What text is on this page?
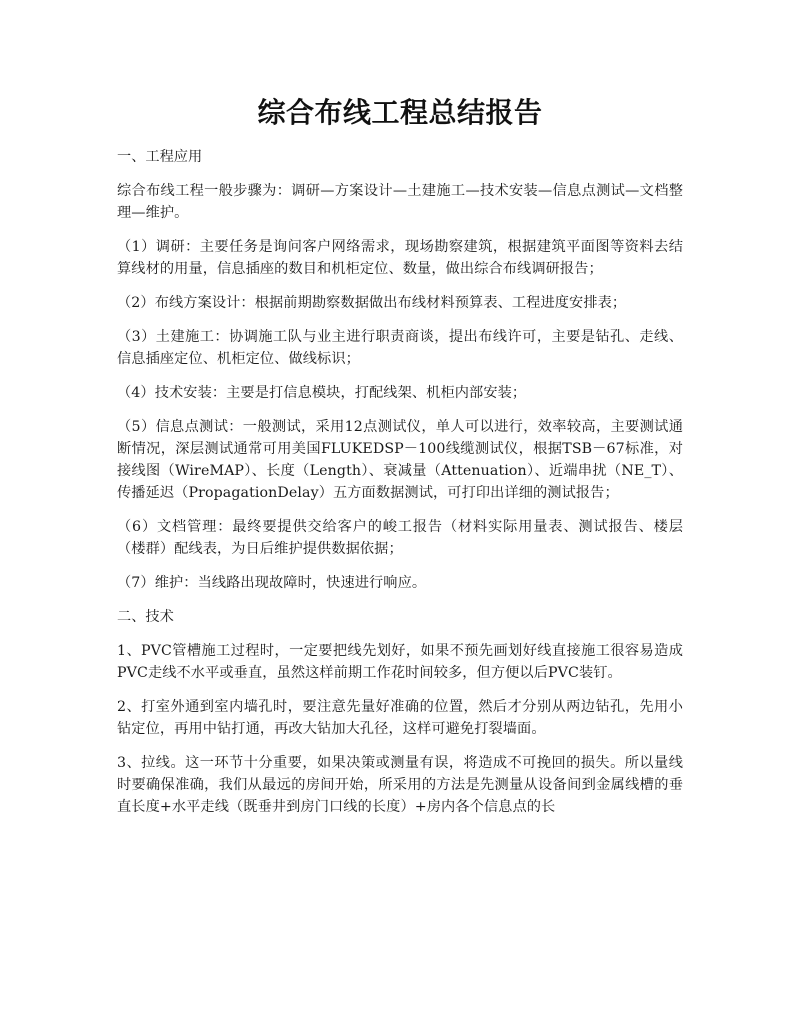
综合布线工程总结报告

一、工程应用

综合布线工程一般步骤为：调研—方案设计—土建施工—技术安装—信息点测试—文档整理—维护。

（1）调研：主要任务是询问客户网络需求，现场勘察建筑，根据建筑平面图等资料去结算线材的用量，信息插座的数目和机柜定位、数量，做出综合布线调研报告；

（2）布线方案设计：根据前期勘察数据做出布线材料预算表、工程进度安排表；

（3）土建施工：协调施工队与业主进行职责商谈，提出布线许可，主要是钻孔、走线、信息插座定位、机柜定位、做线标识；

（4）技术安装：主要是打信息模块，打配线架、机柜内部安装；

（5）信息点测试：一般测试，采用12点测试仪，单人可以进行，效率较高，主要测试通断情况，深层测试通常可用美国FLUKEDSP－100线缆测试仪，根据TSB－67标准，对接线图（WireMAP）、长度（Length）、衰减量（Attenuation）、近端串扰（NE_T）、传播延迟（PropagationDelay）五方面数据测试，可打印出详细的测试报告；

（6）文档管理：最终要提供交给客户的峻工报告（材料实际用量表、测试报告、楼层（楼群）配线表，为日后维护提供数据依据；

（7）维护：当线路出现故障时，快速进行响应。

二、技术

1、PVC管槽施工过程时，一定要把线先划好，如果不预先画划好线直接施工很容易造成PVC走线不水平或垂直，虽然这样前期工作花时间较多，但方便以后PVC装钉。

2、打室外通到室内墙孔时，要注意先量好准确的位置，然后才分别从两边钻孔，先用小钻定位，再用中钻打通，再改大钻加大孔径，这样可避免打裂墙面。

3、拉线。这一环节十分重要，如果决策或测量有误，将造成不可挽回的损失。所以量线时要确保准确，我们从最远的房间开始，所采用的方法是先测量从设备间到金属线槽的垂直长度+水平走线（既垂井到房门口线的长度）+房内各个信息点的长
